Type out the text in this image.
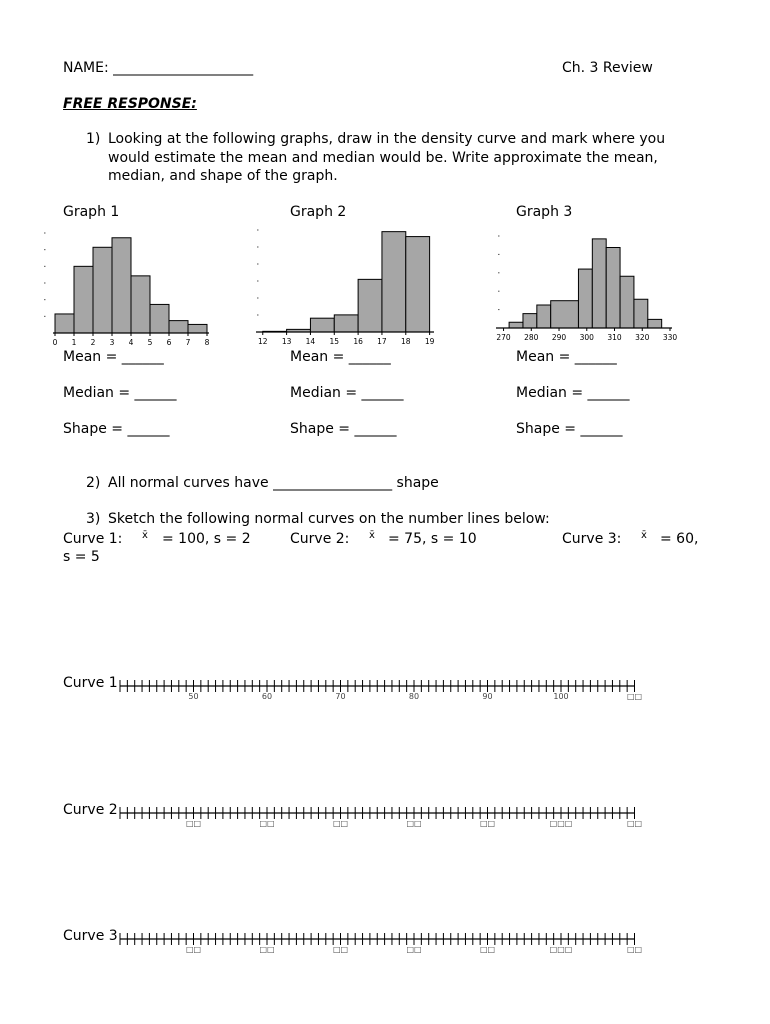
NAME: ____________________	Ch. 3 Review
FREE RESPONSE:
1) Looking at the following graphs, draw in the density curve and mark where you would estimate the mean and median would be. Write approximate the mean, median, and shape of the graph.
Graph 1	Graph 2	Graph 3
0 1 2 3 4 5 6 7 8	12 13 14 15 16 17 18 19	270 280 290 300 310 320 330
Mean = ______
Median = ______
Shape = ______
Mean = ______
Median = ______
Shape = ______
Mean = ______
Median = ______
Shape = ______
2) All normal curves have _________________ shape
3) Sketch the following normal curves on the number lines below:
Curve 1: x̄ = 100, s = 2	Curve 2: x̄ = 75, s = 10	Curve 3: x̄ = 60,
s = 5
Curve 1
50	60	70	80	90	100	□□
Curve 2
□□	□□	□□	□□	□□	□□□	□□
Curve 3
□□	□□	□□	□□	□□	□□□	□□
